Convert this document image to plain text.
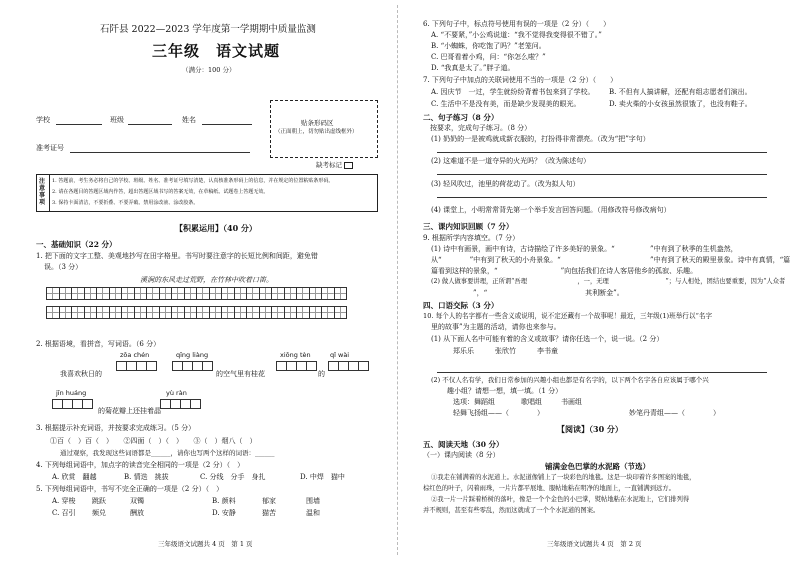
石阡县 2022—2023 学年度第一学期期中质量监测
三年级　语文试题
（满分：100 分）
学校	班级	姓名
准考证号
贴条形码区
（正面朝上，切勿贴出虚线框外）
缺考标记
注意事项
1. 答题前，考生务必将自己的学校、班级、姓名、准考证号填写清楚，认真核准条形码上的信息，并在规定的位置粘贴条形码。
2. 请在各题目的答题区域内作答，超出答题区域书写的答案无效，在草稿纸、试题卷上答题无效。
3. 保持卡面清洁，不要折叠、不要弄破、禁用涂改液、涂改胶条。
【积累运用】（40 分）
一、基础知识（22 分）
1. 把下面的文字工整、美观地抄写在田字格里。书写时要注意字的长短比例和间距，避免错
误。（3 分）
溪涧的东风走过荒野，在竹林中吹着口笛。
2. 根据语境，看拼音，写词语。（6 分）
zōa chén	qīng liàng	xiōng tèn	qǐ wài
我喜欢秋日的	的空气里有桂花	的
jīn huáng	yù ràn
的菊花瓣上还挂着晶
3. 根据提示补充词语，并按要求完成练习。（5 分）
①百（　）百（　）　　②四面（　）（　）　　③（　）烟八（　）
通过观察，我发现这些词语都是______，请你也写两个这样的词语：______
4. 下列每组词语中，加点字的读音完全相同的一项是（2 分）（　）
A. 欣赏　翻越	B. 情迭　挑拔	C. 分线　分手　身扎	D. 中焊　猫中
5. 下列每组词语中，书写不完全正确的一项是（2 分）（　）
A. 穿梭 跳跃	双镯	B. 颜料	郁家	围墙
C. 召引 频兑	酬放	D. 安静	猫苦	温和
三年级语文试题共 4 页　第 1 页
6. 下列句子中，标点符号使用有误的一项是（2 分）（　　）
A. “不要紧，”小公鸡说道：“我不觉得我变得很不错了。”
B. “小蜘蛛，你吃饱了吗？”老笼问。
C. 巴哥看着小鸡，问：“你怎么啦？”
D. “我真是太了。”胖子道。
7. 下列句子中加点的关联词使用不当的一项是（2 分）（　　）
A. 因庆节　一过，学生就纷纷背着书包来到了学校。 B. 不但有人搞讲解，还配有组志愿者们演出。
C. 生活中不是没有美，而是缺少发现美的眼光。	D. 卖火柴的小女孩虽然很饿了，也没有鞋子。
二、句子练习（8 分）
　按要求，完成句子练习。（8 分）
(1) 奶奶的一是被鸡就成新衣服的，打扮得非常漂亮。（改为“把”字句）
(2) 这难道不是一道夺异的火光吗？（改为陈述句）
(3) 轻风吹过，池里的荷花动了。（改为拟人句）
(4) 课堂上，小明常常背先第一个举手发言回答问题。（用修改符号修改病句）
三、课内知识回顾（7 分）
9. 根据所学内容填空。（7 分）
(1) 诗中有画景，画中有诗，古诗描绘了许多美好的景象。“	”中有到了秋季的生机盎然，
从“　　　　”中有到了秋天的小舟景象。“	”中有到了秋天的殿里景象。诗中有真情，“篇
篇看到这样的景象，“　　　　　　　　　”向包括我们在诗人客居他乡的孤寂、乐趣。
(2) 做人做事要讲理，正所谓“吾理　　　　　　　　，一，无理　　　　　　　　　”；与人相处，团结也要重要，因为“人众者
　　　　　　”，“　　　　　　　　　　　　　　其利断金”。
四、口语交际（3 分）
10. 每个人的名字都有一些含义或说明，说不定还藏有一个故事呢！最近，三年级(1)班举行以“名字
里的故事”为主题的活动，请你也来参与。
(1) 从下面人名中可能有着的含义或故事？请你任选一个，说一说。（2 分）
郑乐乐	张欣竹	李书童
(2) 不仅人名有学，我们日常参加的兴趣小组也都是有名字的，以下两个名字各自应该属于哪个兴
趣小组？请想一想，填一填。（1 分）
选项：舞蹈组	歌唱组	书画组
轻舞飞扬组——（　　　　）	妙笔丹青组——（　　　　）
【阅读】（30 分）
五、阅读天地（30 分）
（一）课内阅读（8 分）
铺满金色巴掌的水泥路（节选）
①我走在铺满着的水泥道上。水泥道像铺上了一块彩色的地毯。这是一块印着许多图案的地毯，
棕红色的叶子，闪着雨珠，一片片都平展地、服帖地粘在明净的地面上，一直铺满到远方。
②我一片一片踩着桥树的落叶，像是一个个金色的小巴掌，熨帖地粘在水泥地上，它们排列得
并不规则，甚至有些零乱，然而这就成了一个个水泥道的图案。
三年级语文试题共 4 页　第 2 页
